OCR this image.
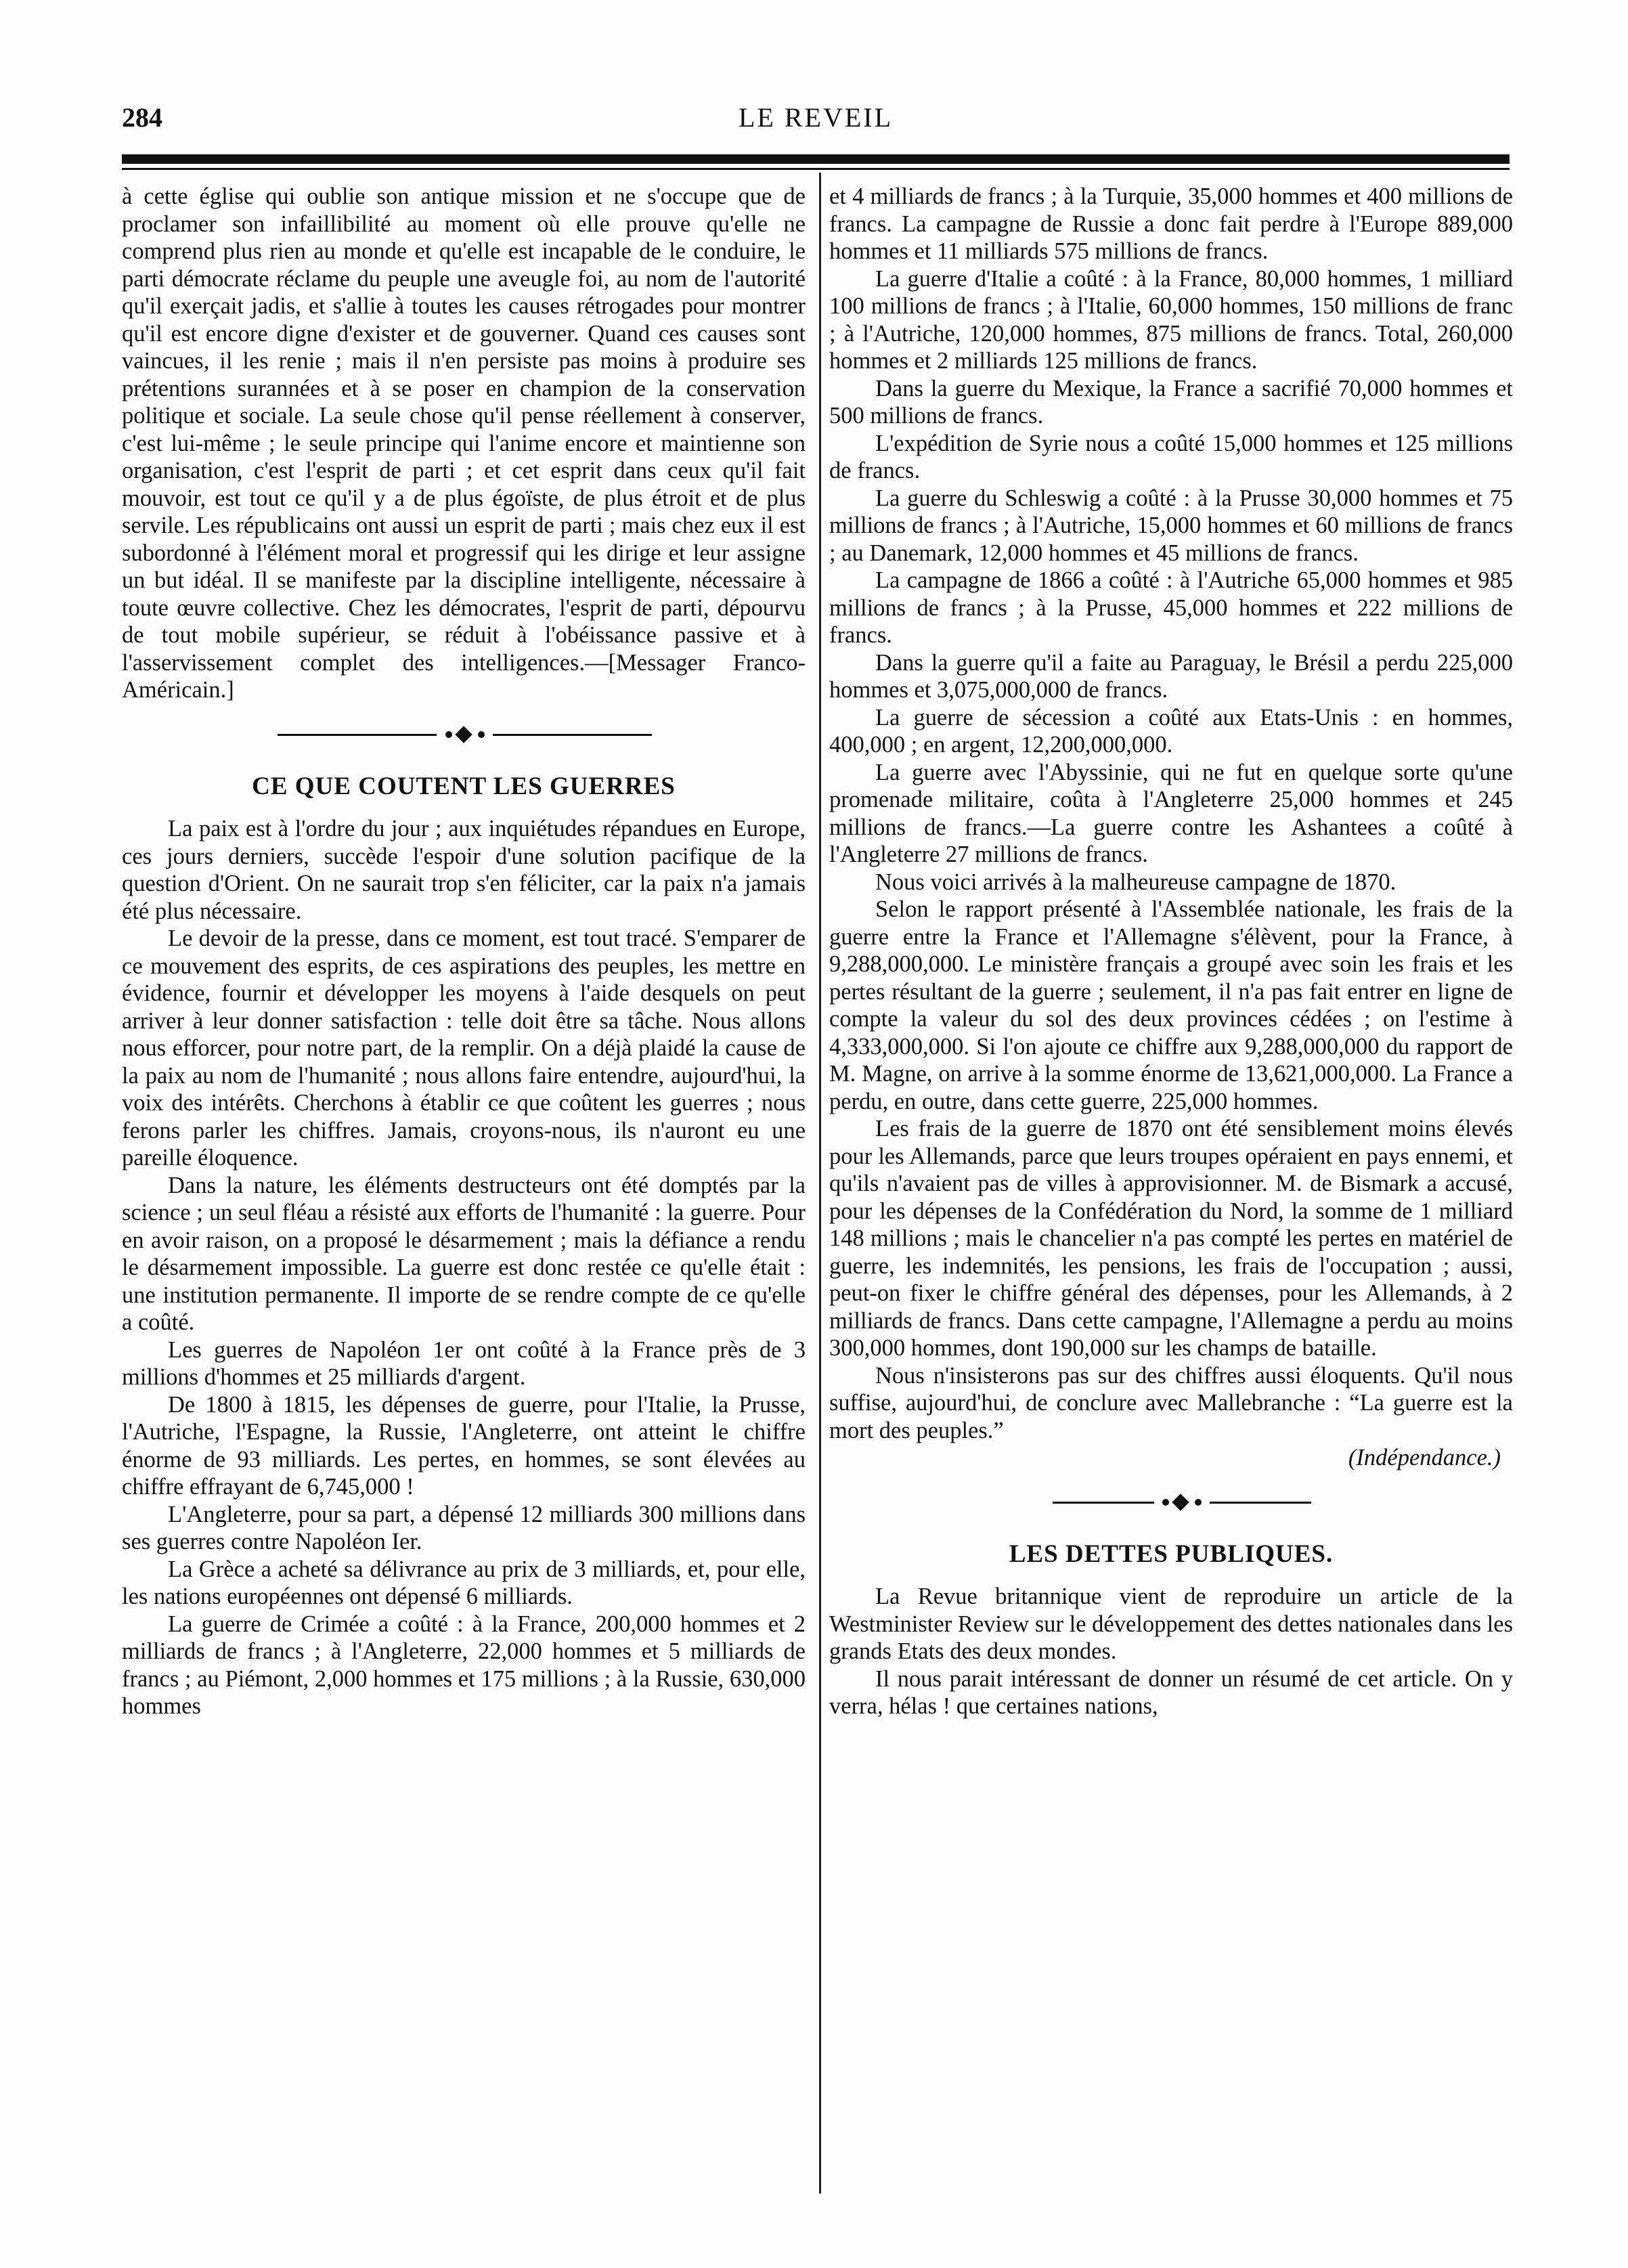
284	LE REVEIL

à cette église qui oublie son antique mission et ne s'occupe que de proclamer son infaillibilité au moment où elle prouve qu'elle ne comprend plus rien au monde et qu'elle est incapable de le conduire, le parti démocrate réclame du peuple une aveugle foi, au nom de l'autorité qu'il exerçait jadis, et s'allie à toutes les causes rétrogades pour montrer qu'il est encore digne d'exister et de gouverner. Quand ces causes sont vaincues, il les renie ; mais il n'en persiste pas moins à produire ses prétentions surannées et à se poser en champion de la conservation politique et sociale. La seule chose qu'il pense réellement à conserver, c'est lui-même ; le seule principe qui l'anime encore et maintienne son organisation, c'est l'esprit de parti ; et cet esprit dans ceux qu'il fait mouvoir, est tout ce qu'il y a de plus égoïste, de plus étroit et de plus servile. Les républicains ont aussi un esprit de parti ; mais chez eux il est subordonné à l'élément moral et progressif qui les dirige et leur assigne un but idéal. Il se manifeste par la discipline intelligente, nécessaire à toute œuvre collective. Chez les démocrates, l'esprit de parti, dépourvu de tout mobile supérieur, se réduit à l'obéissance passive et à l'asservissement complet des intelligences.—[Messager Franco-Américain.]

CE QUE COUTENT LES GUERRES

La paix est à l'ordre du jour ; aux inquiétudes répandues en Europe, ces jours derniers, succède l'espoir d'une solution pacifique de la question d'Orient. On ne saurait trop s'en féliciter, car la paix n'a jamais été plus nécessaire.

Le devoir de la presse, dans ce moment, est tout tracé. S'emparer de ce mouvement des esprits, de ces aspirations des peuples, les mettre en évidence, fournir et développer les moyens à l'aide desquels on peut arriver à leur donner satisfaction : telle doit être sa tâche. Nous allons nous efforcer, pour notre part, de la remplir. On a déjà plaidé la cause de la paix au nom de l'humanité ; nous allons faire entendre, aujourd'hui, la voix des intérêts. Cherchons à établir ce que coûtent les guerres ; nous ferons parler les chiffres. Jamais, croyons-nous, ils n'auront eu une pareille éloquence.

Dans la nature, les éléments destructeurs ont été domptés par la science ; un seul fléau a résisté aux efforts de l'humanité : la guerre. Pour en avoir raison, on a proposé le désarmement ; mais la défiance a rendu le désarmement impossible. La guerre est donc restée ce qu'elle était : une institution permanente. Il importe de se rendre compte de ce qu'elle a coûté.

Les guerres de Napoléon 1er ont coûté à la France près de 3 millions d'hommes et 25 milliards d'argent.

De 1800 à 1815, les dépenses de guerre, pour l'Italie, la Prusse, l'Autriche, l'Espagne, la Russie, l'Angleterre, ont atteint le chiffre énorme de 93 milliards. Les pertes, en hommes, se sont élevées au chiffre effrayant de 6,745,000 !

L'Angleterre, pour sa part, a dépensé 12 milliards 300 millions dans ses guerres contre Napoléon Ier.

La Grèce a acheté sa délivrance au prix de 3 milliards, et, pour elle, les nations européennes ont dépensé 6 milliards.

La guerre de Crimée a coûté : à la France, 200,000 hommes et 2 milliards de francs ; à l'Angleterre, 22,000 hommes et 5 milliards de francs ; au Piémont, 2,000 hommes et 175 millions ; à la Russie, 630,000 hommes

et 4 milliards de francs ; à la Turquie, 35,000 hommes et 400 millions de francs. La campagne de Russie a donc fait perdre à l'Europe 889,000 hommes et 11 milliards 575 millions de francs.

La guerre d'Italie a coûté : à la France, 80,000 hommes, 1 milliard 100 millions de francs ; à l'Italie, 60,000 hommes, 150 millions de franc ; à l'Autriche, 120,000 hommes, 875 millions de francs. Total, 260,000 hommes et 2 milliards 125 millions de francs.

Dans la guerre du Mexique, la France a sacrifié 70,000 hommes et 500 millions de francs.

L'expédition de Syrie nous a coûté 15,000 hommes et 125 millions de francs.

La guerre du Schleswig a coûté : à la Prusse 30,000 hommes et 75 millions de francs ; à l'Autriche, 15,000 hommes et 60 millions de francs ; au Danemark, 12,000 hommes et 45 millions de francs.

La campagne de 1866 a coûté : à l'Autriche 65,000 hommes et 985 millions de francs ; à la Prusse, 45,000 hommes et 222 millions de francs.

Dans la guerre qu'il a faite au Paraguay, le Brésil a perdu 225,000 hommes et 3,075,000,000 de francs.

La guerre de sécession a coûté aux Etats-Unis : en hommes, 400,000 ; en argent, 12,200,000,000.

La guerre avec l'Abyssinie, qui ne fut en quelque sorte qu'une promenade militaire, coûta à l'Angleterre 25,000 hommes et 245 millions de francs.—La guerre contre les Ashantees a coûté à l'Angleterre 27 millions de francs.

Nous voici arrivés à la malheureuse campagne de 1870.

Selon le rapport présenté à l'Assemblée nationale, les frais de la guerre entre la France et l'Allemagne s'élèvent, pour la France, à 9,288,000,000. Le ministère français a groupé avec soin les frais et les pertes résultant de la guerre ; seulement, il n'a pas fait entrer en ligne de compte la valeur du sol des deux provinces cédées ; on l'estime à 4,333,000,000. Si l'on ajoute ce chiffre aux 9,288,000,000 du rapport de M. Magne, on arrive à la somme énorme de 13,621,000,000. La France a perdu, en outre, dans cette guerre, 225,000 hommes.

Les frais de la guerre de 1870 ont été sensiblement moins élevés pour les Allemands, parce que leurs troupes opéraient en pays ennemi, et qu'ils n'avaient pas de villes à approvisionner. M. de Bismark a accusé, pour les dépenses de la Confédération du Nord, la somme de 1 milliard 148 millions ; mais le chancelier n'a pas compté les pertes en matériel de guerre, les indemnités, les pensions, les frais de l'occupation ; aussi, peut-on fixer le chiffre général des dépenses, pour les Allemands, à 2 milliards de francs. Dans cette campagne, l'Allemagne a perdu au moins 300,000 hommes, dont 190,000 sur les champs de bataille.

Nous n'insisterons pas sur des chiffres aussi éloquents. Qu'il nous suffise, aujourd'hui, de conclure avec Mallebranche : “La guerre est la mort des peuples.”

(Indépendance.)

LES DETTES PUBLIQUES.

La Revue britannique vient de reproduire un article de la Westminister Review sur le développement des dettes nationales dans les grands Etats des deux mondes.

Il nous parait intéressant de donner un résumé de cet article. On y verra, hélas ! que certaines nations,
